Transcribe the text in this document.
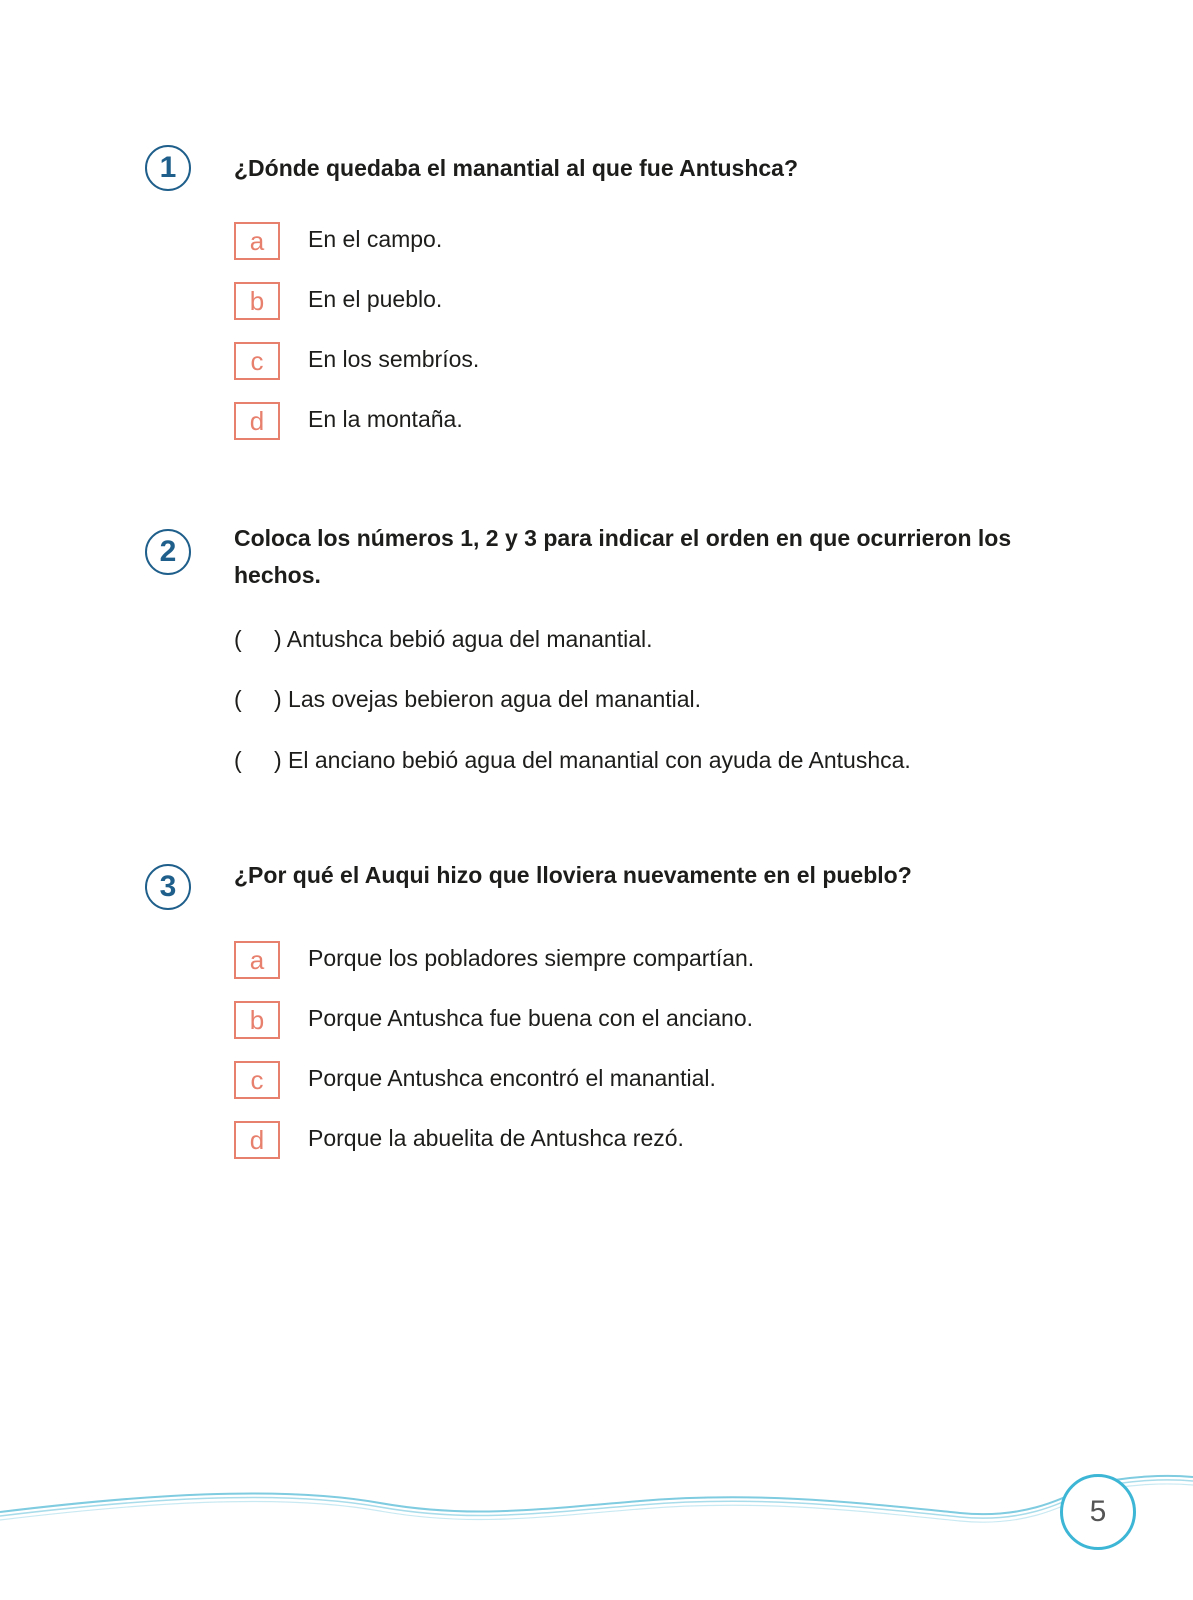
1	¿Dónde quedaba el manantial al que fue Antushca?
a	En el campo.
b	En el pueblo.
c	En los sembríos.
d	En la montaña.
2	Coloca los números 1, 2 y 3 para indicar el orden en que ocurrieron los hechos.
( ) Antushca bebió agua del manantial.
( ) Las ovejas bebieron agua del manantial.
( ) El anciano bebió agua del manantial con ayuda de Antushca.
3	¿Por qué el Auqui hizo que lloviera nuevamente en el pueblo?
a	Porque los pobladores siempre compartían.
b	Porque Antushca fue buena con el anciano.
c	Porque Antushca encontró el manantial.
d	Porque la abuelita de Antushca rezó.
5
